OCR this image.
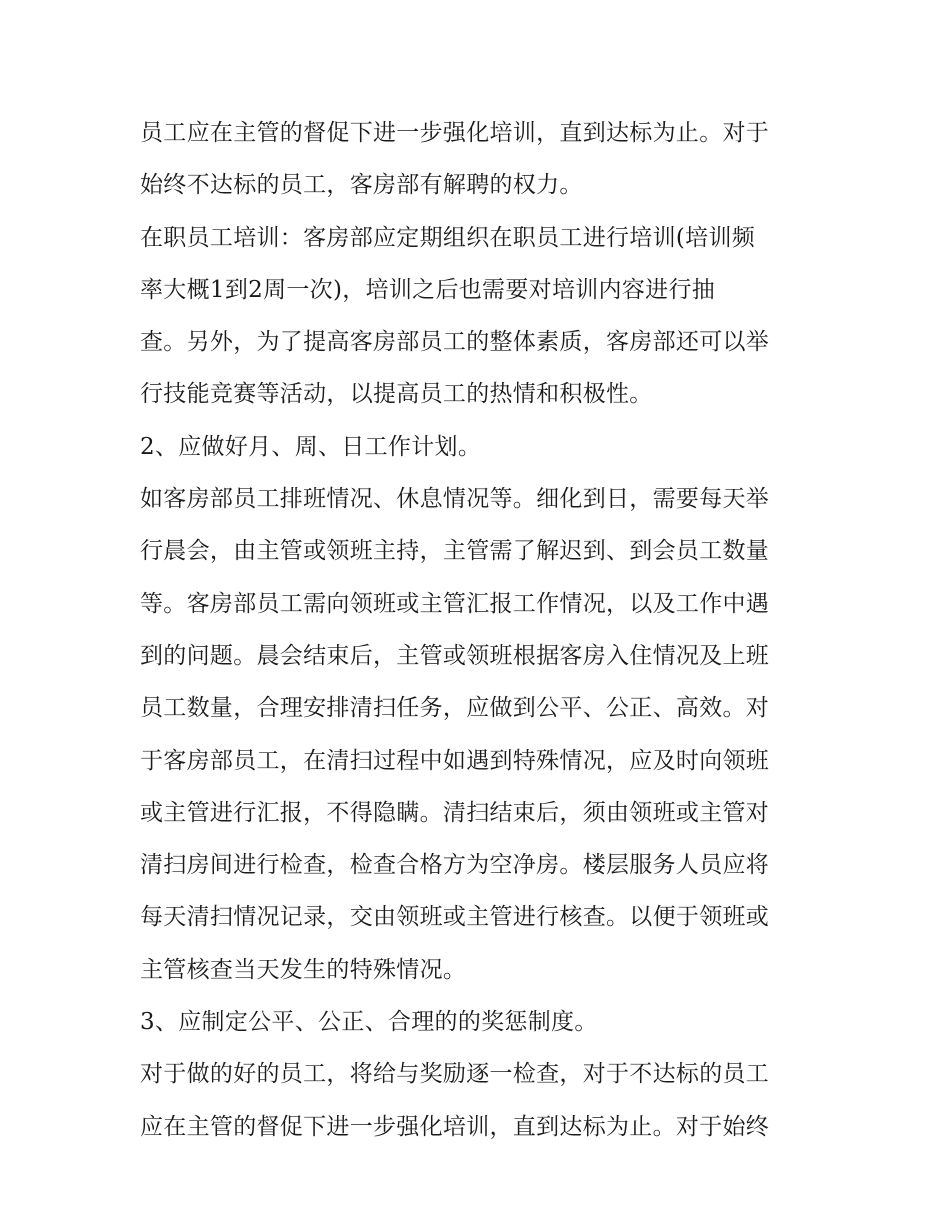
员工应在主管的督促下进一步强化培训，直到达标为止。对于
始终不达标的员工，客房部有解聘的权力。
在职员工培训：客房部应定期组织在职员工进行培训(培训频
率大概1到2周一次)，培训之后也需要对培训内容进行抽
查。另外，为了提高客房部员工的整体素质，客房部还可以举
行技能竞赛等活动，以提高员工的热情和积极性。
2、应做好月、周、日工作计划。
如客房部员工排班情况、休息情况等。细化到日，需要每天举
行晨会，由主管或领班主持，主管需了解迟到、到会员工数量
等。客房部员工需向领班或主管汇报工作情况，以及工作中遇
到的问题。晨会结束后，主管或领班根据客房入住情况及上班
员工数量，合理安排清扫任务，应做到公平、公正、高效。对
于客房部员工，在清扫过程中如遇到特殊情况，应及时向领班
或主管进行汇报，不得隐瞒。清扫结束后，须由领班或主管对
清扫房间进行检查，检查合格方为空净房。楼层服务人员应将
每天清扫情况记录，交由领班或主管进行核查。以便于领班或
主管核查当天发生的特殊情况。
3、应制定公平、公正、合理的的奖惩制度。
对于做的好的员工，将给与奖励逐一检查，对于不达标的员工
应在主管的督促下进一步强化培训，直到达标为止。对于始终
